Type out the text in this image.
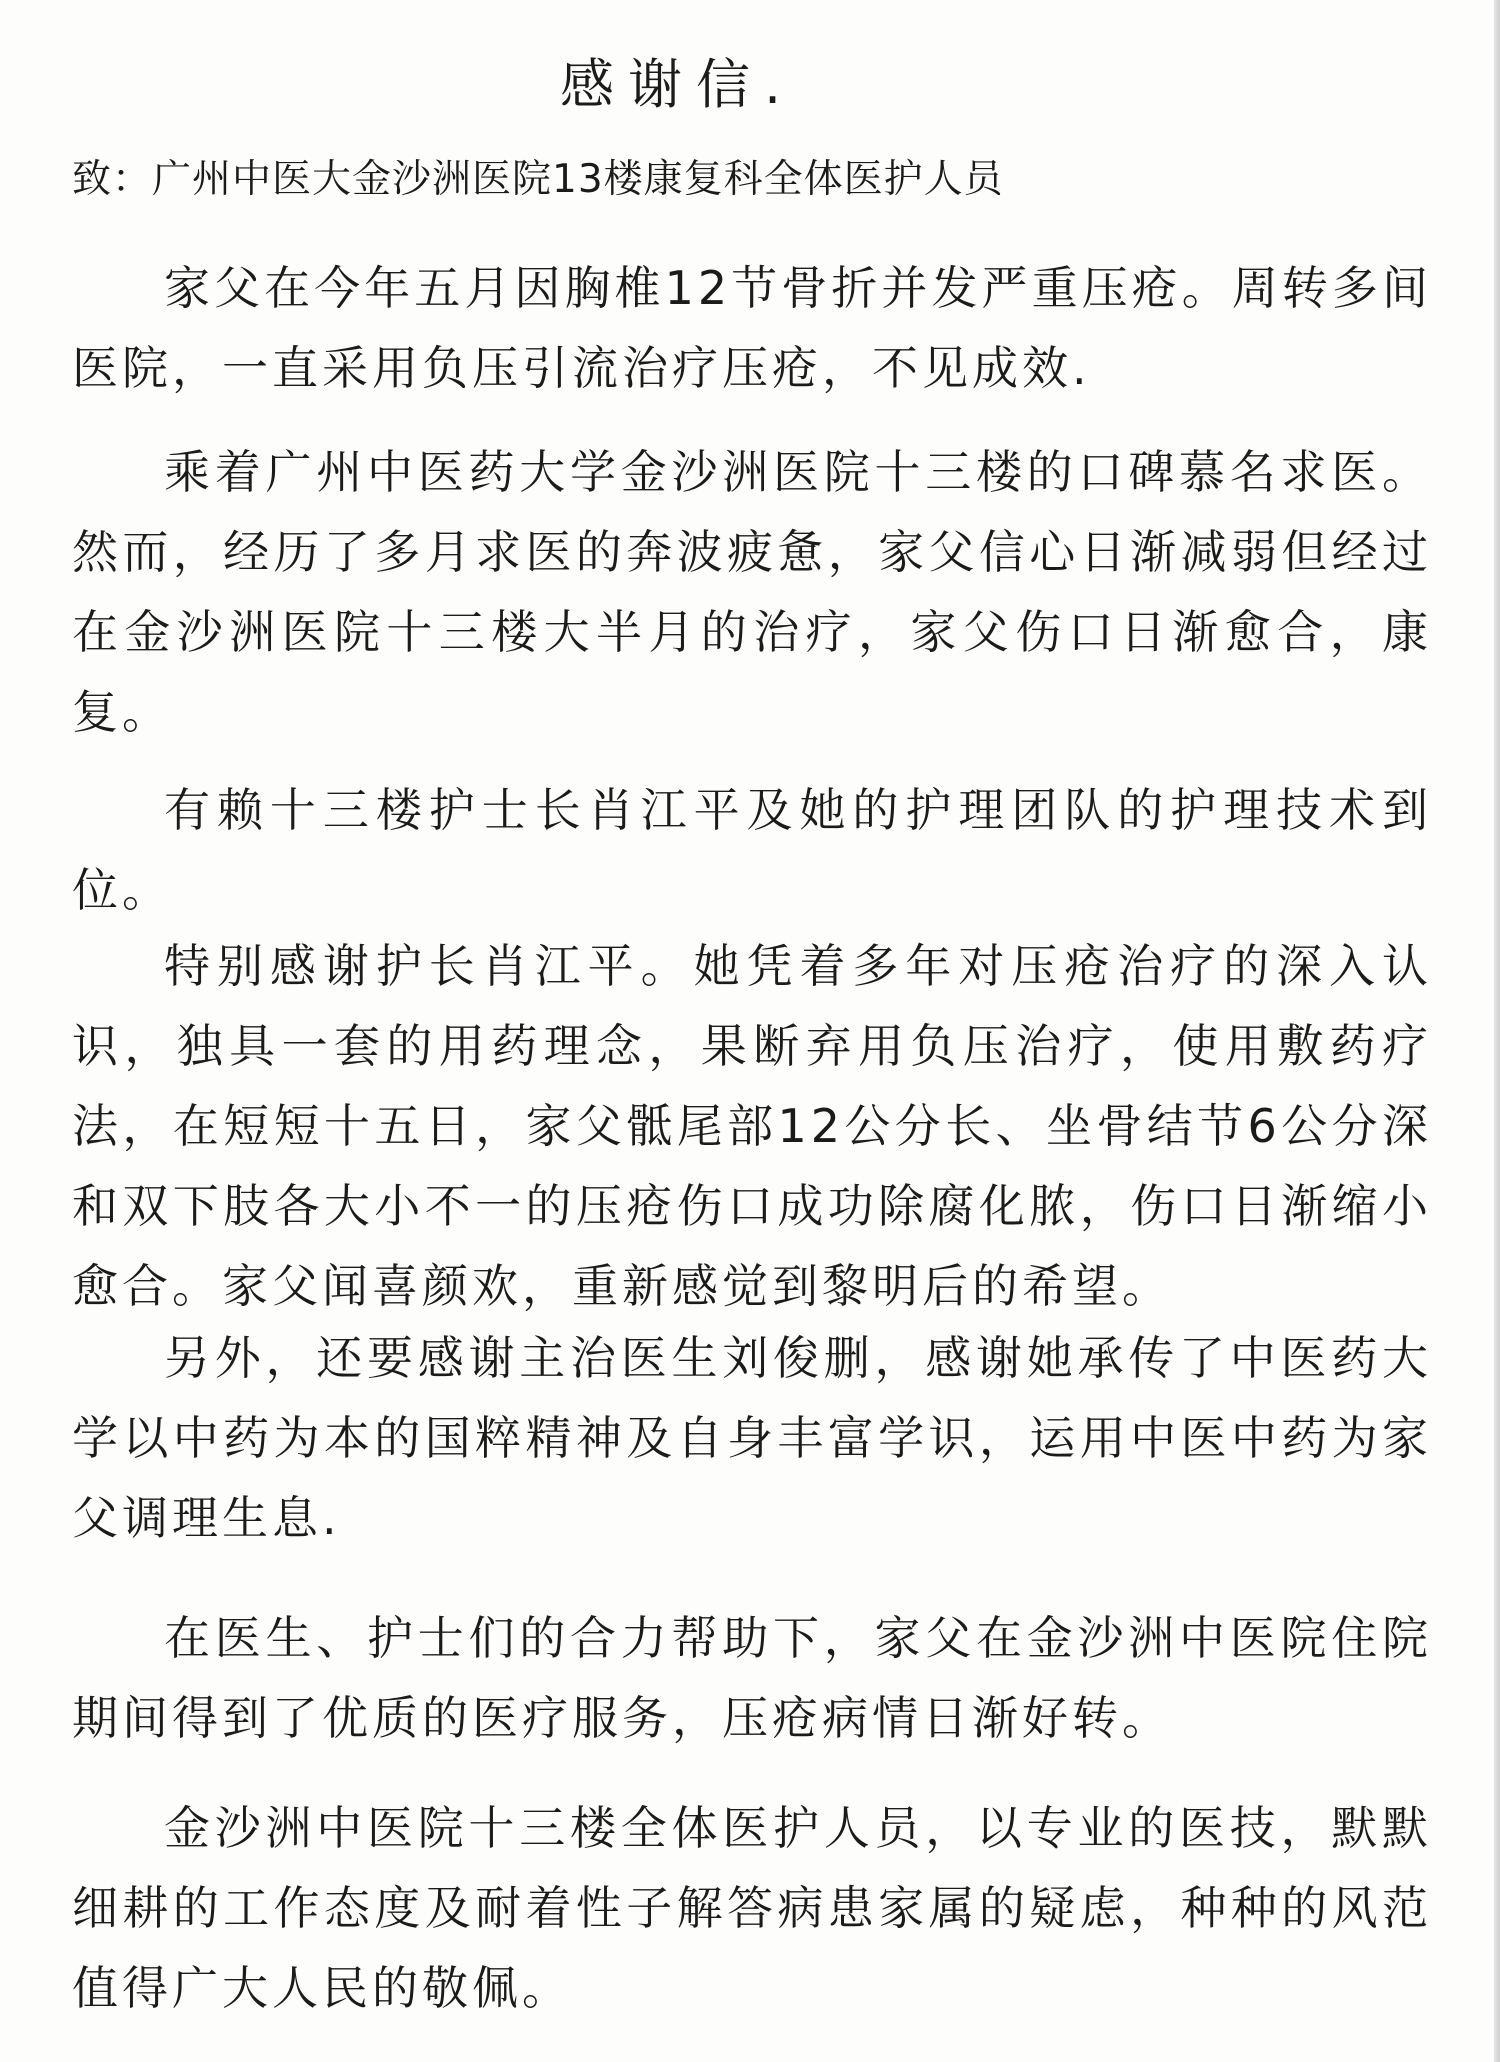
感谢信.
致：广州中医大金沙洲医院13楼康复科全体医护人员

家父在今年五月因胸椎12节骨折并发严重压疮。周转多间医院，一直采用负压引流治疗压疮，不见成效.

乘着广州中医药大学金沙洲医院十三楼的口碑慕名求医。然而，经历了多月求医的奔波疲惫，家父信心日渐减弱但经过在金沙洲医院十三楼大半月的治疗，家父伤口日渐愈合，康复。

有赖十三楼护士长肖江平及她的护理团队的护理技术到位。

特别感谢护长肖江平。她凭着多年对压疮治疗的深入认识，独具一套的用药理念，果断弃用负压治疗，使用敷药疗法，在短短十五日，家父骶尾部12公分长、坐骨结节6公分深和双下肢各大小不一的压疮伤口成功除腐化脓，伤口日渐缩小愈合。家父闻喜颜欢，重新感觉到黎明后的希望。

另外，还要感谢主治医生刘俊删，感谢她承传了中医药大学以中药为本的国粹精神及自身丰富学识，运用中医中药为家父调理生息.

在医生、护士们的合力帮助下，家父在金沙洲中医院住院期间得到了优质的医疗服务，压疮病情日渐好转。

金沙洲中医院十三楼全体医护人员，以专业的医技，默默细耕的工作态度及耐着性子解答病患家属的疑虑，种种的风范值得广大人民的敬佩。
